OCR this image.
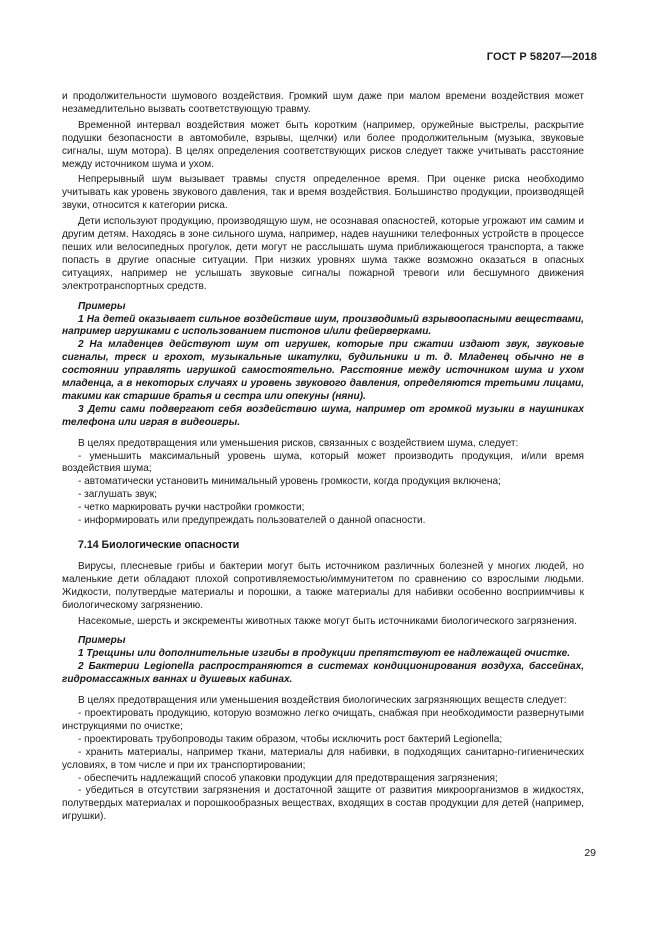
ГОСТ Р 58207—2018

и продолжительности шумового воздействия. Громкий шум даже при малом времени воздействия может незамедлительно вызвать соответствующую травму.

Временной интервал воздействия может быть коротким (например, оружейные выстрелы, раскрытие подушки безопасности в автомобиле, взрывы, щелчки) или более продолжительным (музыка, звуковые сигналы, шум мотора). В целях определения соответствующих рисков следует также учитывать расстояние между источником шума и ухом.

Непрерывный шум вызывает травмы спустя определенное время. При оценке риска необходимо учитывать как уровень звукового давления, так и время воздействия. Большинство продукции, производящей звуки, относится к категории риска.

Дети используют продукцию, производящую шум, не осознавая опасностей, которые угрожают им самим и другим детям. Находясь в зоне сильного шума, например, надев наушники телефонных устройств в процессе пеших или велосипедных прогулок, дети могут не расслышать шума приближающегося транспорта, а также попасть в другие опасные ситуации. При низких уровнях шума также возможно оказаться в опасных ситуациях, например не услышать звуковые сигналы пожарной тревоги или бесшумного движения электротранспортных средств.

Примеры

1 На детей оказывает сильное воздействие шум, производимый взрывоопасными веществами, например игрушками с использованием пистонов и/или фейерверками.

2 На младенцев действуют шум от игрушек, которые при сжатии издают звук, звуковые сигналы, треск и грохот, музыкальные шкатулки, будильники и т. д. Младенец обычно не в состоянии управлять игрушкой самостоятельно. Расстояние между источником шума и ухом младенца, а в некоторых случаях и уровень звукового давления, определяются третьими лицами, такими как старшие братья и сестра или опекуны (няни).

3 Дети сами подвергают себя воздействию шума, например от громкой музыки в наушниках телефона или играя в видеоигры.

В целях предотвращения или уменьшения рисков, связанных с воздействием шума, следует:

- уменьшить максимальный уровень шума, который может производить продукция, и/или время воздействия шума;

- автоматически установить минимальный уровень громкости, когда продукция включена;

- заглушать звук;

- четко маркировать ручки настройки громкости;

- информировать или предупреждать пользователей о данной опасности.

7.14 Биологические опасности

Вирусы, плесневые грибы и бактерии могут быть источником различных болезней у многих людей, но маленькие дети обладают плохой сопротивляемостью/иммунитетом по сравнению со взрослыми людьми. Жидкости, полутвердые материалы и порошки, а также материалы для набивки особенно восприимчивы к биологическому загрязнению.

Насекомые, шерсть и экскременты животных также могут быть источниками биологического загрязнения.

Примеры

1 Трещины или дополнительные изгибы в продукции препятствуют ее надлежащей очистке.

2 Бактерии Legionella распространяются в системах кондиционирования воздуха, бассейнах, гидромассажных ваннах и душевых кабинах.

В целях предотвращения или уменьшения воздействия биологических загрязняющих веществ следует:

- проектировать продукцию, которую возможно легко очищать, снабжая при необходимости развернутыми инструкциями по очистке;

- проектировать трубопроводы таким образом, чтобы исключить рост бактерий Legionella;

- хранить материалы, например ткани, материалы для набивки, в подходящих санитарно-гигиенических условиях, в том числе и при их транспортировании;

- обеспечить надлежащий способ упаковки продукции для предотвращения загрязнения;

- убедиться в отсутствии загрязнения и достаточной защите от развития микроорганизмов в жидкостях, полутвердых материалах и порошкообразных веществах, входящих в состав продукции для детей (например, игрушки).

29
